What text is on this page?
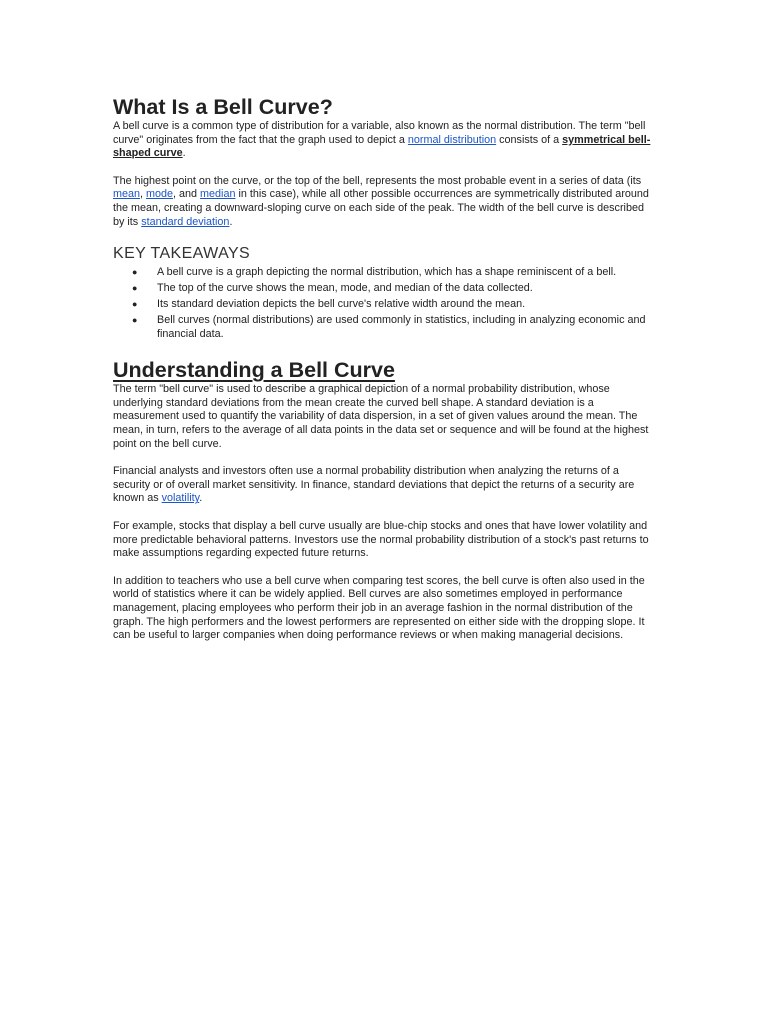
What Is a Bell Curve?

A bell curve is a common type of distribution for a variable, also known as the normal distribution. The term "bell curve" originates from the fact that the graph used to depict a normal distribution consists of a symmetrical bell-shaped curve.

The highest point on the curve, or the top of the bell, represents the most probable event in a series of data (its mean, mode, and median in this case), while all other possible occurrences are symmetrically distributed around the mean, creating a downward-sloping curve on each side of the peak. The width of the bell curve is described by its standard deviation.

KEY TAKEAWAYS
● A bell curve is a graph depicting the normal distribution, which has a shape reminiscent of a bell.
● The top of the curve shows the mean, mode, and median of the data collected.
● Its standard deviation depicts the bell curve's relative width around the mean.
● Bell curves (normal distributions) are used commonly in statistics, including in analyzing economic and financial data.
Understanding a Bell Curve

The term "bell curve" is used to describe a graphical depiction of a normal probability distribution, whose underlying standard deviations from the mean create the curved bell shape. A standard deviation is a measurement used to quantify the variability of data dispersion, in a set of given values around the mean. The mean, in turn, refers to the average of all data points in the data set or sequence and will be found at the highest point on the bell curve.

Financial analysts and investors often use a normal probability distribution when analyzing the returns of a security or of overall market sensitivity. In finance, standard deviations that depict the returns of a security are known as volatility.

For example, stocks that display a bell curve usually are blue-chip stocks and ones that have lower volatility and more predictable behavioral patterns. Investors use the normal probability distribution of a stock's past returns to make assumptions regarding expected future returns.

In addition to teachers who use a bell curve when comparing test scores, the bell curve is often also used in the world of statistics where it can be widely applied. Bell curves are also sometimes employed in performance management, placing employees who perform their job in an average fashion in the normal distribution of the graph. The high performers and the lowest performers are represented on either side with the dropping slope. It can be useful to larger companies when doing performance reviews or when making managerial decisions.
